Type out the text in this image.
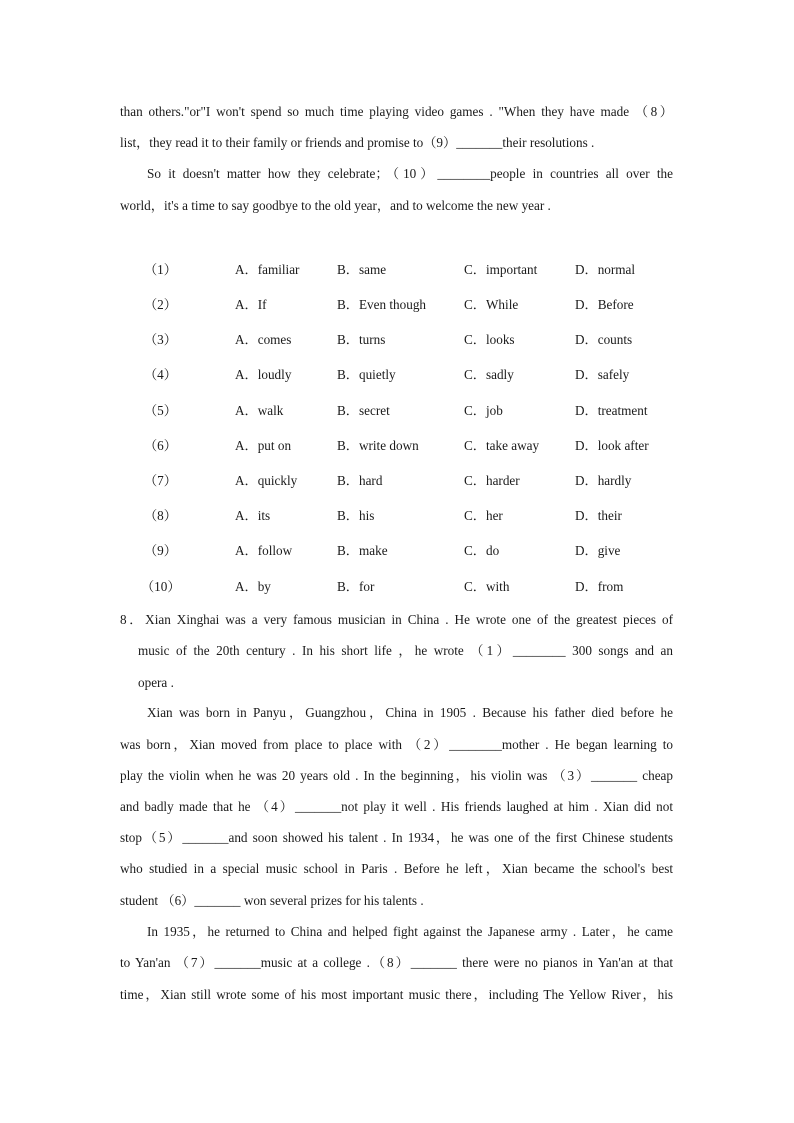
than others."or"I won't spend so much time playing video games . "When they have made （8）
list，they read it to their family or friends and promise to（9）_______their resolutions .
So it doesn't matter how they celebrate；（10）________people in countries all over the
world，it's a time to say goodbye to the old year，and to welcome the new year .
（1）	A．familiar	B．same	C．important	D．normal
（2）	A．If	B．Even though	C．While	D．Before
（3）	A．comes	B．turns	C．looks	D．counts
（4）	A．loudly	B．quietly	C．sadly	D．safely
（5）	A．walk	B．secret	C．job	D．treatment
（6）	A．put on	B．write down	C．take away	D．look after
（7）	A．quickly	B．hard	C．harder	D．hardly
（8）	A．its	B．his	C．her	D．their
（9）	A．follow	B．make	C．do	D．give
（10）	A．by	B．for	C．with	D．from
8．Xian Xinghai was a very famous musician in China . He wrote one of the greatest pieces of
music of the 20th century . In his short life ，he wrote （1）________ 300 songs and an
opera .
Xian was born in Panyu，Guangzhou，China in 1905 . Because his father died before he
was born，Xian moved from place to place with （2）________mother . He began learning to
play the violin when he was 20 years old . In the beginning，his violin was （3）_______ cheap
and badly made that he （4）_______not play it well . His friends laughed at him . Xian did not
stop（5）_______and soon showed his talent . In 1934，he was one of the first Chinese students
who studied in a special music school in Paris . Before he left，Xian became the school's best
student （6）_______ won several prizes for his talents .
In 1935，he returned to China and helped fight against the Japanese army . Later，he came
to Yan'an （7）_______music at a college .（8）_______ there were no pianos in Yan'an at that
time，Xian still wrote some of his most important music there，including The Yellow River，his
